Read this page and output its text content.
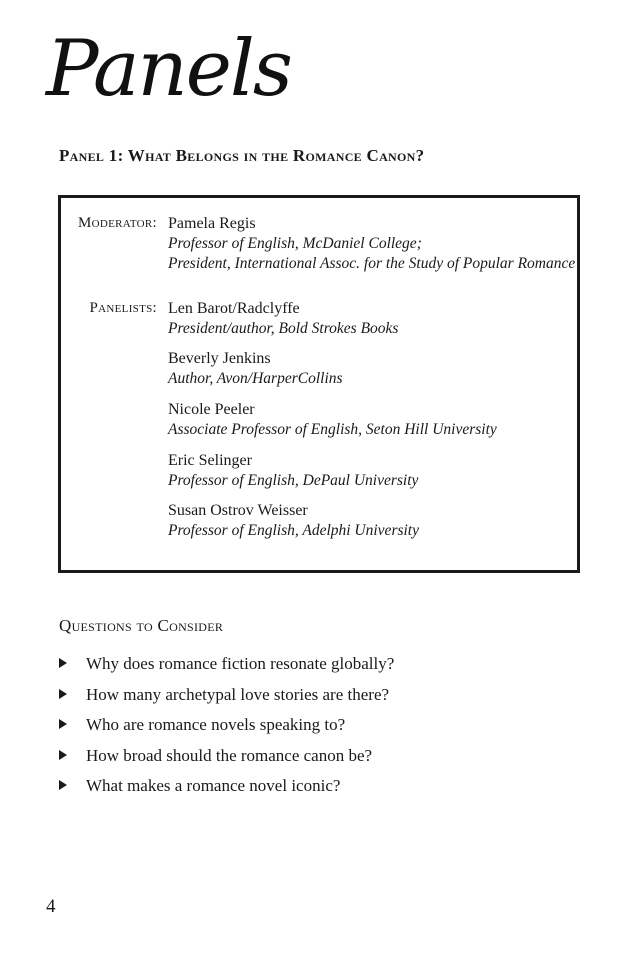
Panels
Panel 1: What Belongs in the Romance Canon?
Moderator: Pamela Regis
Professor of English, McDaniel College;
President, International Assoc. for the Study of Popular Romance
Panelists: Len Barot/Radclyffe
President/author, Bold Strokes Books
Beverly Jenkins
Author, Avon/HarperCollins
Nicole Peeler
Associate Professor of English, Seton Hill University
Eric Selinger
Professor of English, DePaul University
Susan Ostrov Weisser
Professor of English, Adelphi University
Questions to Consider
Why does romance fiction resonate globally?
How many archetypal love stories are there?
Who are romance novels speaking to?
How broad should the romance canon be?
What makes a romance novel iconic?
4
